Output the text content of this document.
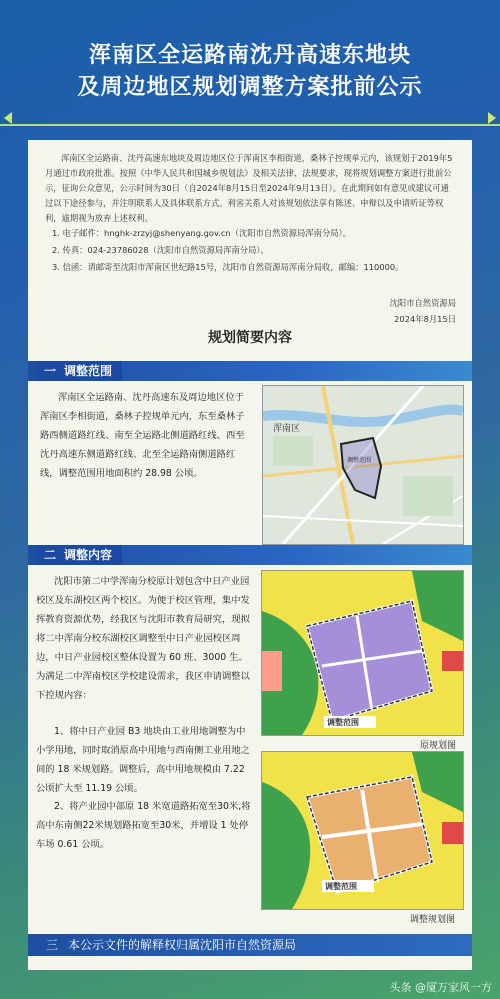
浑南区全运路南沈丹高速东地块
及周边地区规划调整方案批前公示
浑南区全运路南、沈丹高速东地块及周边地区位于浑南区李相街道，桑林子控规单元内，该规划于2019年5月通过市政府批准。按照《中华人民共和国城乡规划法》及相关法律、法规要求，现将规划调整方案进行批前公示，征询公众意见，公示时间为30日（自2024年8月15日至2024年9月13日）。在此期间如有意见或建议可通过以下途径参与，并注明联系人及具体联系方式。利害关系人对该规划依法享有陈述、申辩以及申请听证等权利，逾期视为放弃上述权利。
1. 电子邮件：hnghk-zrzyj@shenyang.gov.cn（沈阳市自然资源局浑南分局）。
2. 传真：024-23786028（沈阳市自然资源局浑南分局）。
3. 信函：请邮寄至沈阳市浑南区世纪路15号，沈阳市自然资源局浑南分局收，邮编：110000。
沈阳市自然资源局
2024年8月15日
规划简要内容
一 调整范围
浑南区全运路南、沈丹高速东及周边地区位于浑南区李相街道，桑林子控规单元内，东至桑林子路西侧道路红线、南至全运路北侧道路红线、西至沈丹高速东侧道路红线、北至全运路南侧道路红线，调整范围用地面积约 28.98 公顷。
浑南区
调整范围
二 调整内容
沈阳市第二中学浑南分校原计划包含中日产业园校区及东湖校区两个校区。为便于校区管理，集中发挥教育资源优势，经我区与沈阳市教育局研究，现拟将二中浑南分校东湖校区调整至中日产业园校区周边，中日产业园校区整体设置为 60 班、3000 生。为满足二中浑南校区学校建设需求，我区申请调整以下控规内容：
1、将中日产业园 B3 地块由工业用地调整为中小学用地，同时取消原高中用地与西南侧工业用地之间的 18 米规划路。调整后，高中用地规模由 7.22 公顷扩大至 11.19 公顷。
2、将产业园中部原 18 米宽道路拓宽至30米,将高中东南侧22米规划路拓宽至30米，并增设 1 处停车场 0.61 公顷。
调整范围
原规划图
调整范围
调整规划图
三 本公示文件的解释权归属沈阳市自然资源局
头条 @厦万家风一方
